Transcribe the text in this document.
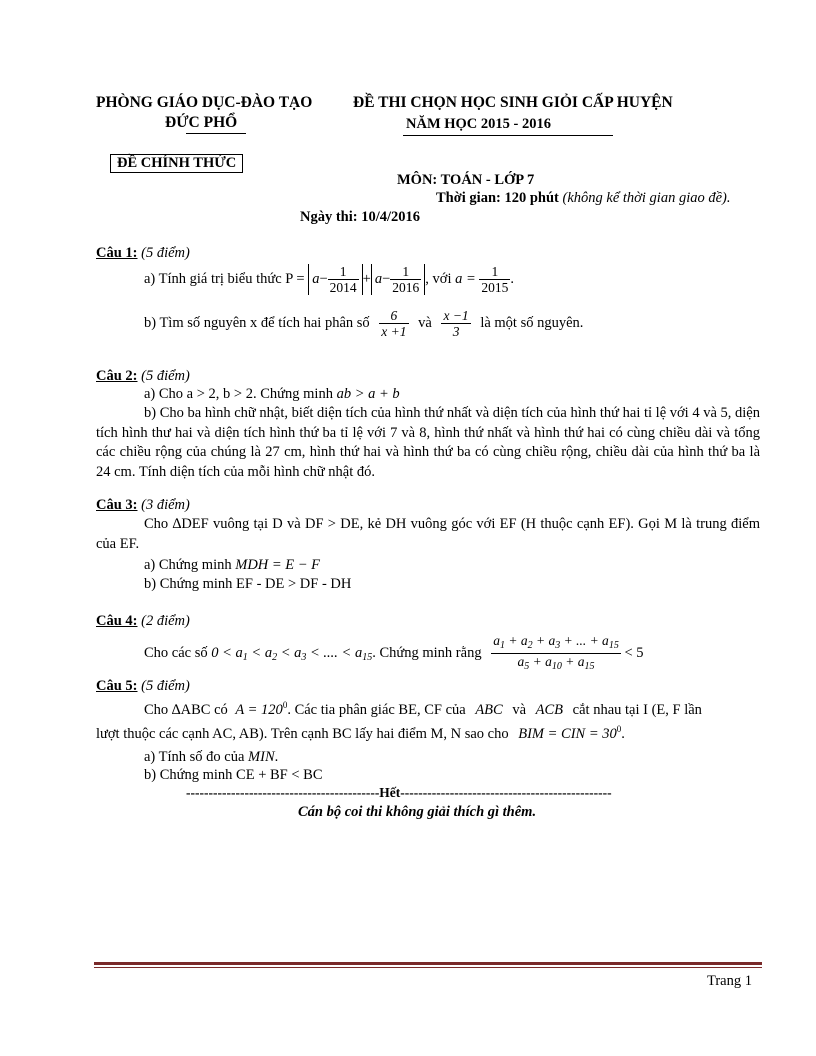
PHÒNG GIÁO DỤC-ĐÀO TẠO
ĐỨC PHỔ
ĐỀ THI CHỌN HỌC SINH GIỎI CẤP HUYỆN
NĂM HỌC 2015 - 2016
ĐỀ CHÍNH THỨC
MÔN: TOÁN - LỚP 7
Thời gian: 120 phút (không kể thời gian giao đề).
Ngày thi: 10/4/2016
Câu 1: (5 điểm)
a) Tính giá trị biểu thức $P = a- \frac{1}{2014} + a- \frac{1}{2016}$ , với $a = \frac{1}{2015}$ .
b) Tìm số nguyên x để tích hai phân số $\frac{6}{x +1}$ và $\frac{x -1}{3}$ là một số nguyên.
Câu 2: (5 điểm)
a) Cho a > 2, b > 2. Chứng minh ab > a + b
b) Cho ba hình chữ nhật, biết diện tích của hình thứ nhất và diện tích của hình thứ hai tỉ lệ với 4 và 5, diện tích hình thư hai và diện tích hình thứ ba tỉ lệ với 7 và 8, hình thứ nhất và hình thứ hai có cùng chiều dài và tổng các chiều rộng của chúng là 27 cm, hình thứ hai và hình thứ ba có cùng chiều rộng, chiều dài của hình thứ ba là 24 cm. Tính diện tích của mỗi hình chữ nhật đó.
Câu 3: (3 điểm)
Cho ∆DEF vuông tại D và DF > DE, kẻ DH vuông góc với EF (H thuộc cạnh EF). Gọi M là trung điểm của EF.
a) Chứng minh MDH = E − F
b) Chứng minh EF - DE > DF - DH
Câu 4: (2 điểm)
Cho các số $0 < a_1 < a_2 < a_3$ < .... < $a_{15}$. Chứng minh rằng $\frac{a_1 + a_2 + a_3 + ... + a_{15}}{a_5 + a_{10} + a_{15}} < 5$
Câu 5: (5 điểm)
Cho ∆ABC có $A = 120^0$. Các tia phân giác BE, CF của ABC và ACB cắt nhau tại I (E, F lần
lượt thuộc các cạnh AC, AB). Trên cạnh BC lấy hai điểm M, N sao cho BIM = CIN = $30^0$.
a) Tính số đo của MIN.
b) Chứng minh CE + BF < BC
-------------------------------------------Hết-----------------------------------------------
Cán bộ coi thi không giải thích gì thêm.
Trang 1
